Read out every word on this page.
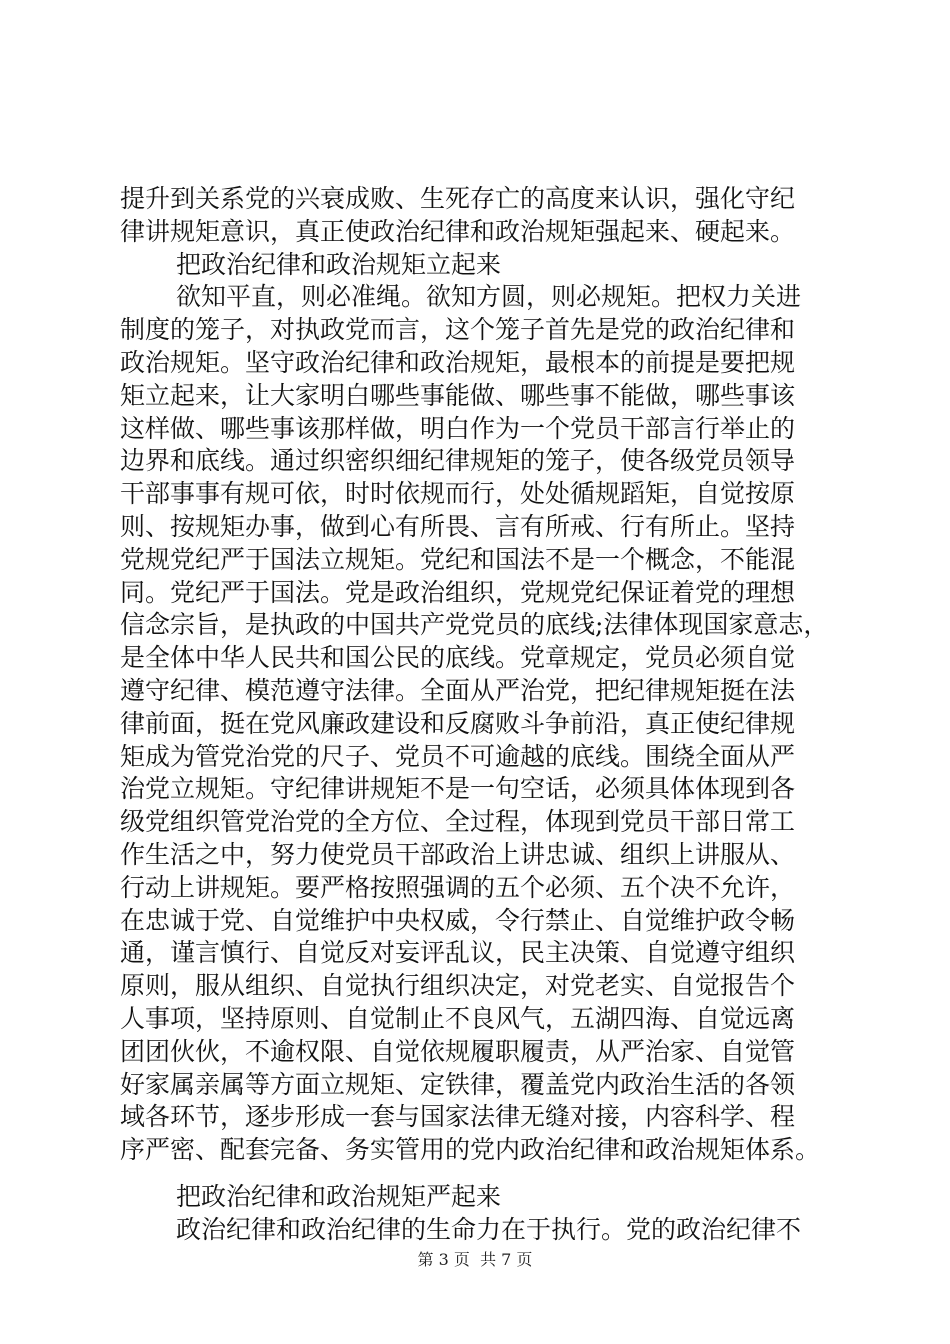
提升到关系党的兴衰成败、生死存亡的高度来认识，强化守纪

律讲规矩意识，真正使政治纪律和政治规矩强起来、硬起来。

把政治纪律和政治规矩立起来

欲知平直，则必准绳。欲知方圆，则必规矩。把权力关进

制度的笼子，对执政党而言，这个笼子首先是党的政治纪律和

政治规矩。坚守政治纪律和政治规矩，最根本的前提是要把规

矩立起来，让大家明白哪些事能做、哪些事不能做，哪些事该

这样做、哪些事该那样做，明白作为一个党员干部言行举止的

边界和底线。通过织密织细纪律规矩的笼子，使各级党员领导

干部事事有规可依，时时依规而行，处处循规蹈矩，自觉按原

则、按规矩办事，做到心有所畏、言有所戒、行有所止。坚持

党规党纪严于国法立规矩。党纪和国法不是一个概念，不能混

同。党纪严于国法。党是政治组织，党规党纪保证着党的理想

信念宗旨，是执政的中国共产党党员的底线;法律体现国家意志，

是全体中华人民共和国公民的底线。党章规定，党员必须自觉

遵守纪律、模范遵守法律。全面从严治党，把纪律规矩挺在法

律前面，挺在党风廉政建设和反腐败斗争前沿，真正使纪律规

矩成为管党治党的尺子、党员不可逾越的底线。围绕全面从严

治党立规矩。守纪律讲规矩不是一句空话，必须具体体现到各

级党组织管党治党的全方位、全过程，体现到党员干部日常工

作生活之中，努力使党员干部政治上讲忠诚、组织上讲服从、

行动上讲规矩。要严格按照强调的五个必须、五个决不允许，

在忠诚于党、自觉维护中央权威，令行禁止、自觉维护政令畅

通，谨言慎行、自觉反对妄评乱议，民主决策、自觉遵守组织

原则，服从组织、自觉执行组织决定，对党老实、自觉报告个

人事项，坚持原则、自觉制止不良风气，五湖四海、自觉远离

团团伙伙，不逾权限、自觉依规履职履责，从严治家、自觉管

好家属亲属等方面立规矩、定铁律，覆盖党内政治生活的各领

域各环节，逐步形成一套与国家法律无缝对接，内容科学、程

序严密、配套完备、务实管用的党内政治纪律和政治规矩体系。

把政治纪律和政治规矩严起来

政治纪律和政治纪律的生命力在于执行。党的政治纪律不

第 3 页  共 7 页
